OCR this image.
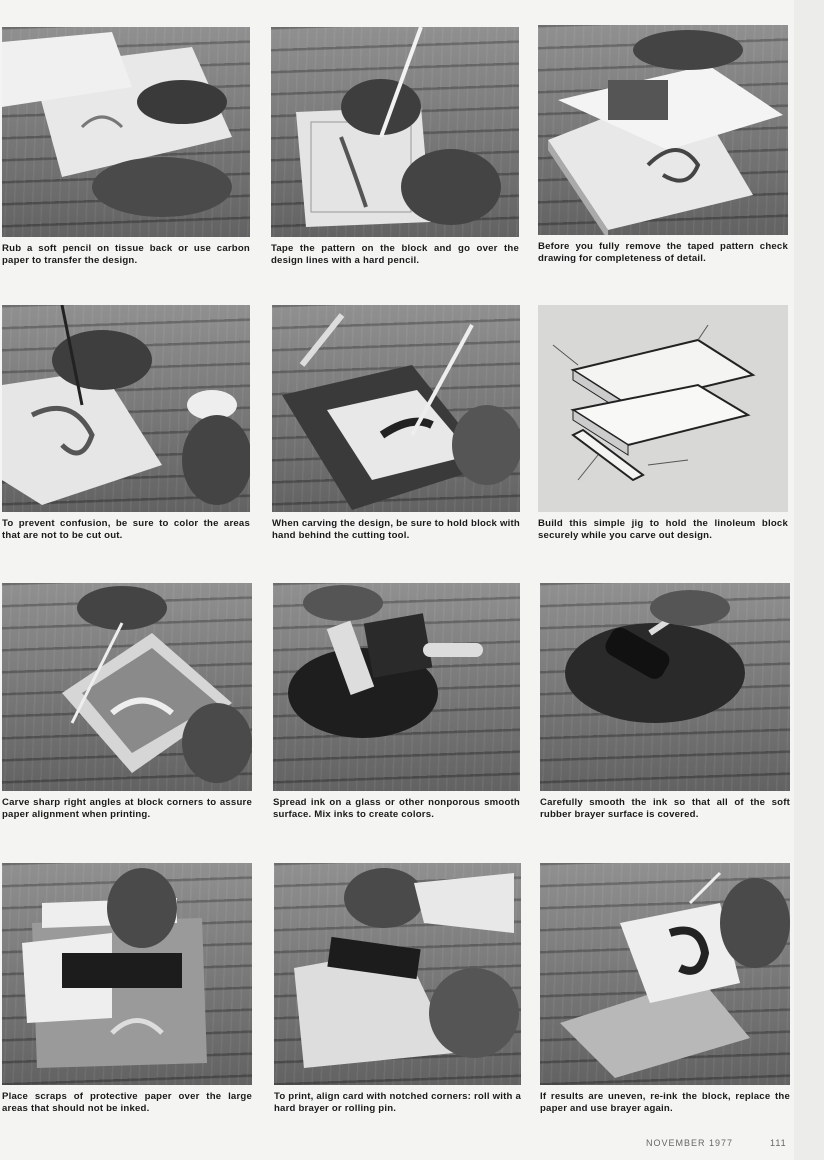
Rub a soft pencil on tissue back or use carbon paper to transfer the design.
Tape the pattern on the block and go over the design lines with a hard pencil.
Before you fully remove the taped pattern check drawing for completeness of detail.
To prevent confusion, be sure to color the areas that are not to be cut out.
When carving the design, be sure to hold block with hand behind the cutting tool.
Build this simple jig to hold the linoleum block securely while you carve out design.
Carve sharp right angles at block corners to assure paper alignment when printing.
Spread ink on a glass or other nonporous smooth surface. Mix inks to create colors.
Carefully smooth the ink so that all of the soft rubber brayer surface is covered.
Place scraps of protective paper over the large areas that should not be inked.
To print, align card with notched corners: roll with a hard brayer or rolling pin.
If results are uneven, re-ink the block, replace the paper and use brayer again.
NOVEMBER 1977	111
